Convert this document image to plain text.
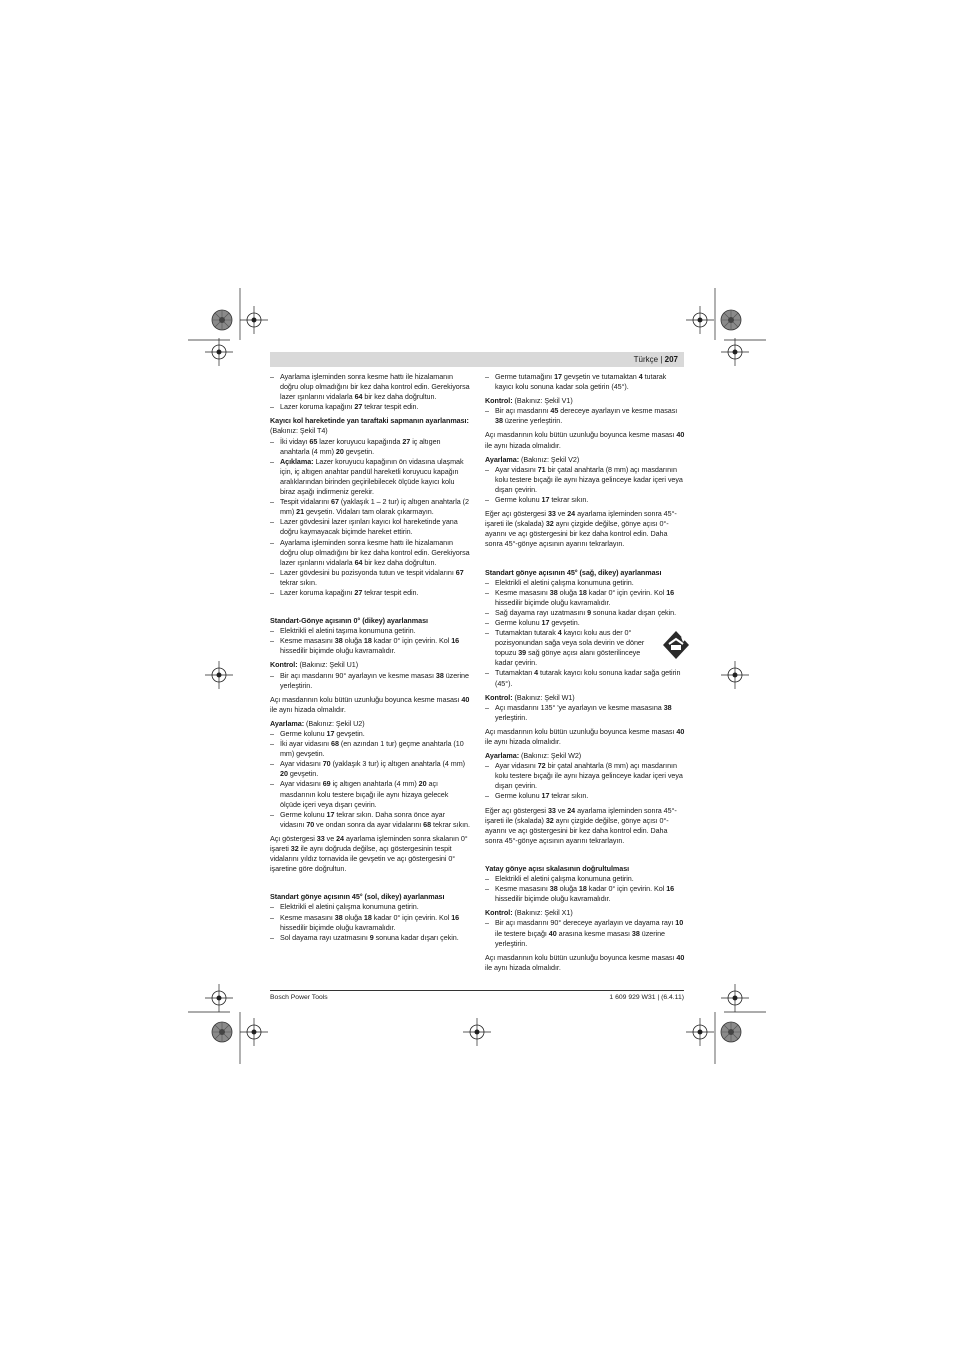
Türkçe | 207
– Ayarlama işleminden sonra kesme hattı ile hizalamanın doğru olup olmadığını bir kez daha kontrol edin. Gerekiyorsa lazer ışınlarını vidalarla 64 bir kez daha doğrultun.
– Lazer koruma kapağını 27 tekrar tespit edin.

Kayıcı kol hareketinde yan taraftaki sapmanın ayarlanması: (Bakınız: Şekil T4)

– İki vidayı 65 lazer koruyucu kapağında 27 iç altıgen anahtarla (4 mm) 20 gevşetin.
– Açıklama: Lazer koruyucu kapağının ön vidasına ulaşmak için, iç altıgen anahtar pandül hareketli koruyucu kapağın aralıklarından birinden geçirilebilecek ölçüde kayıcı kolu biraz aşağı indirmeniz gerekir.
– Tespit vidalarını 67 (yaklaşık 1 – 2 tur) iç altıgen anahtarla (2 mm) 21 gevşetin. Vidaları tam olarak çıkarmayın.
– Lazer gövdesini lazer ışınları kayıcı kol hareketinde yana doğru kaymayacak biçimde hareket ettirin.
– Ayarlama işleminden sonra kesme hattı ile hizalamanın doğru olup olmadığını bir kez daha kontrol edin. Gerekiyorsa lazer ışınlarını vidalarla 64 bir kez daha doğrultun.
– Lazer gövdesini bu pozisyonda tutun ve tespit vidalarını 67 tekrar sıkın.
– Lazer koruma kapağını 27 tekrar tespit edin.

Standart-Gönye açısının 0° (dikey) ayarlanması

– Elektrikli el aletini taşıma konumuna getirin.
– Kesme masasını 38 oluğa 18 kadar 0° için çevirin. Kol 16 hissedilir biçimde oluğu kavramalıdır.

Kontrol: (Bakınız: Şekil U1)

– Bir açı masdarını 90° ayarlayın ve kesme masası 38 üzerine yerleştirin.

Açı masdarının kolu bütün uzunluğu boyunca kesme masası 40 ile aynı hizada olmalıdır.

Ayarlama: (Bakınız: Şekil U2)

– Germe kolunu 17 gevşetin.
– İki ayar vidasını 68 (en azından 1 tur) geçme anahtarla (10 mm) gevşetin.
– Ayar vidasını 70 (yaklaşık 3 tur) iç altıgen anahtarla (4 mm) 20 gevşetin.
– Ayar vidasını 69 iç altıgen anahtarla (4 mm) 20 açı masdarının kolu testere bıçağı ile aynı hizaya gelecek ölçüde içeri veya dışarı çevirin.
– Germe kolunu 17 tekrar sıkın. Daha sonra önce ayar vidasını 70 ve ondan sonra da ayar vidalarını 68 tekrar sıkın.

Açı göstergesi 33 ve 24 ayarlama işleminden sonra skalanın 0° işareti 32 ile aynı doğruda değilse, açı göstergesinin tespit vidalarını yıldız tornavida ile gevşetin ve açı göstergesini 0° işaretine göre doğrultun.

Standart gönye açısının 45° (sol, dikey) ayarlanması

– Elektrikli el aletini çalışma konumuna getirin.
– Kesme masasını 38 oluğa 18 kadar 0° için çevirin. Kol 16 hissedilir biçimde oluğu kavramalıdır.
– Sol dayama rayı uzatmasını 9 sonuna kadar dışarı çekin.
– Germe tutamağını 17 gevşetin ve tutamaktan 4 tutarak kayıcı kolu sonuna kadar sola getirin (45°).

Kontrol: (Bakınız: Şekil V1)

– Bir açı masdarını 45 dereceye ayarlayın ve kesme masası 38 üzerine yerleştirin.

Açı masdarının kolu bütün uzunluğu boyunca kesme masası 40 ile aynı hizada olmalıdır.

Ayarlama: (Bakınız: Şekil V2)

– Ayar vidasını 71 bir çatal anahtarla (8 mm) açı masdarının kolu testere bıçağı ile aynı hizaya gelinceye kadar içeri veya dışarı çevirin.
– Germe kolunu 17 tekrar sıkın.

Eğer açı göstergesi 33 ve 24 ayarlama işleminden sonra 45°-işareti ile (skalada) 32 aynı çizgide değilse, gönye açısı 0°-ayarını ve açı göstergesini bir kez daha kontrol edin. Daha sonra 45°-gönye açısının ayarını tekrarlayın.

Standart gönye açısının 45° (sağ, dikey) ayarlanması

– Elektrikli el aletini çalışma konumuna getirin.
– Kesme masasını 38 oluğa 18 kadar 0° için çevirin. Kol 16 hissedilir biçimde oluğu kavramalıdır.
– Sağ dayama rayı uzatmasını 9 sonuna kadar dışarı çekin.
– Germe kolunu 17 gevşetin.
– Tutamaktan tutarak 4 kayıcı kolu aus der 0° pozisyonundan sağa veya sola devirin ve döner topuzu 39 sağ gönye açısı alanı gösterilinceye kadar çevirin.
– Tutamaktan 4 tutarak kayıcı kolu sonuna kadar sağa getirin (45°).

Kontrol: (Bakınız: Şekil W1)

– Açı masdarını 135° 'ye ayarlayın ve kesme masasına 38 yerleştirin.

Açı masdarının kolu bütün uzunluğu boyunca kesme masası 40 ile aynı hizada olmalıdır.

Ayarlama: (Bakınız: Şekil W2)

– Ayar vidasını 72 bir çatal anahtarla (8 mm) açı masdarının kolu testere bıçağı ile aynı hizaya gelinceye kadar içeri veya dışarı çevirin.
– Germe kolunu 17 tekrar sıkın.

Eğer açı göstergesi 33 ve 24 ayarlama işleminden sonra 45°-işareti ile (skalada) 32 aynı çizgide değilse, gönye açısı 0°-ayarını ve açı göstergesini bir kez daha kontrol edin. Daha sonra 45°-gönye açısının ayarını tekrarlayın.

Yatay gönye açısı skalasının doğrultulması

– Elektrikli el aletini çalışma konumuna getirin.
– Kesme masasını 38 oluğa 18 kadar 0° için çevirin. Kol 16 hissedilir biçimde oluğu kavramalıdır.

Kontrol: (Bakınız: Şekil X1)

– Bir açı masdarını 90° dereceye ayarlayın ve dayama rayı 10 ile testere bıçağı 40 arasına kesme masası 38 üzerine yerleştirin.

Açı masdarının kolu bütün uzunluğu boyunca kesme masası 40 ile aynı hizada olmalıdır.

Bosch Power Tools	1 609 929 W31 | (6.4.11)
